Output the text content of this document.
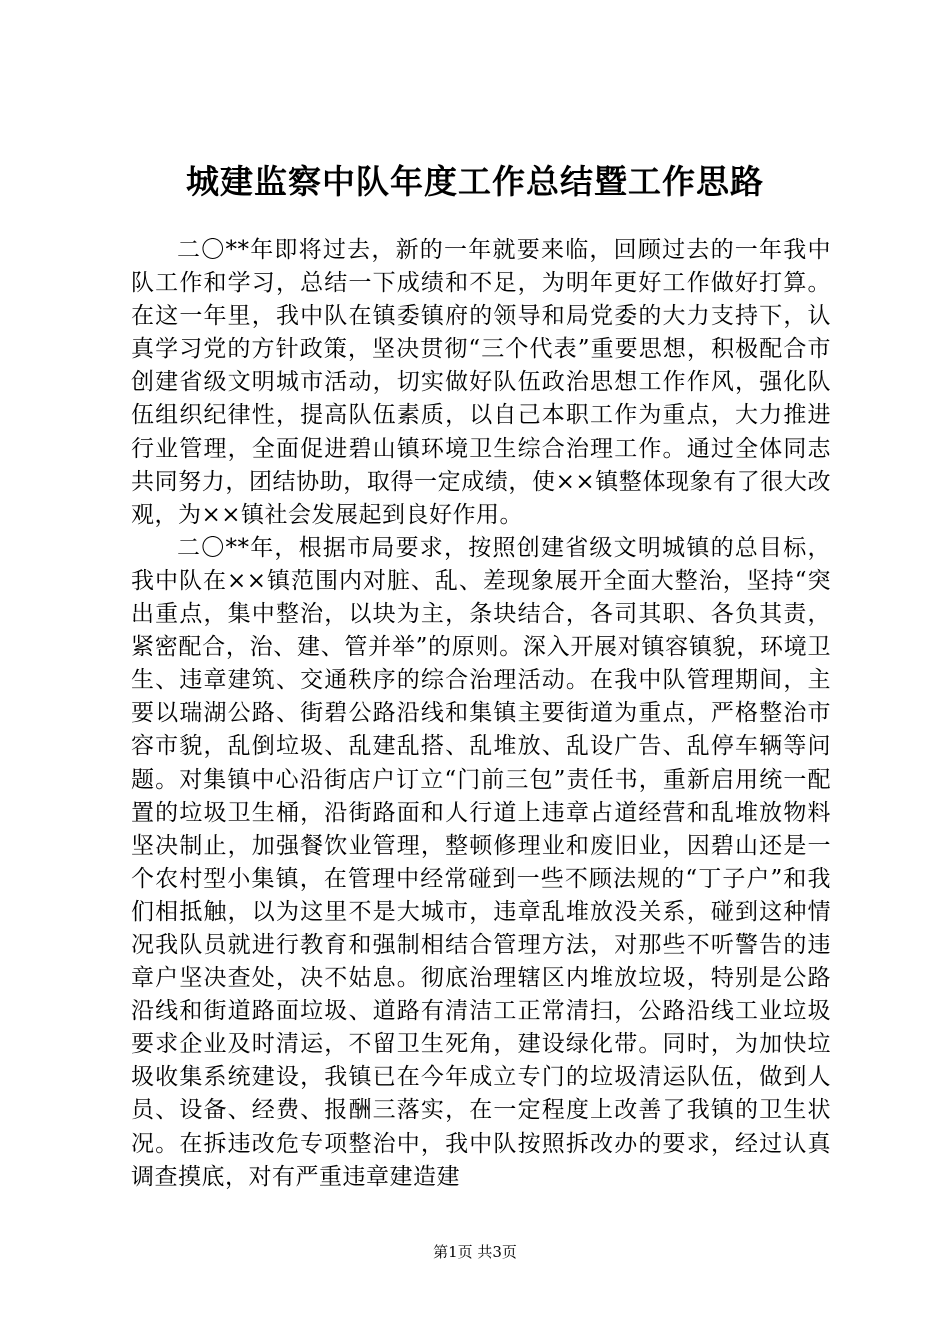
城建监察中队年度工作总结暨工作思路

二〇**年即将过去，新的一年就要来临，回顾过去的一年我中队工作和学习，总结一下成绩和不足，为明年更好工作做好打算。在这一年里，我中队在镇委镇府的领导和局党委的大力支持下，认真学习党的方针政策，坚决贯彻“三个代表”重要思想，积极配合市创建省级文明城市活动，切实做好队伍政治思想工作作风，强化队伍组织纪律性，提高队伍素质，以自己本职工作为重点，大力推进行业管理，全面促进碧山镇环境卫生综合治理工作。通过全体同志共同努力，团结协助，取得一定成绩，使××镇整体现象有了很大改观，为××镇社会发展起到良好作用。

二〇**年，根据市局要求，按照创建省级文明城镇的总目标，我中队在××镇范围内对脏、乱、差现象展开全面大整治，坚持“突出重点，集中整治，以块为主，条块结合，各司其职、各负其责，紧密配合，治、建、管并举”的原则。深入开展对镇容镇貌，环境卫生、违章建筑、交通秩序的综合治理活动。在我中队管理期间，主要以瑞湖公路、街碧公路沿线和集镇主要街道为重点，严格整治市容市貌，乱倒垃圾、乱建乱搭、乱堆放、乱设广告、乱停车辆等问题。对集镇中心沿街店户订立“门前三包”责任书，重新启用统一配置的垃圾卫生桶，沿街路面和人行道上违章占道经营和乱堆放物料坚决制止，加强餐饮业管理，整顿修理业和废旧业，因碧山还是一个农村型小集镇，在管理中经常碰到一些不顾法规的“丁子户”和我们相抵触，以为这里不是大城市，违章乱堆放没关系，碰到这种情况我队员就进行教育和强制相结合管理方法，对那些不听警告的违章户坚决查处，决不姑息。彻底治理辖区内堆放垃圾，特别是公路沿线和街道路面垃圾、道路有清洁工正常清扫，公路沿线工业垃圾要求企业及时清运，不留卫生死角，建设绿化带。同时，为加快垃圾收集系统建设，我镇已在今年成立专门的垃圾清运队伍，做到人员、设备、经费、报酬三落实，在一定程度上改善了我镇的卫生状况。在拆违改危专项整治中，我中队按照拆改办的要求，经过认真调查摸底，对有严重违章建造建

第1页 共3页
